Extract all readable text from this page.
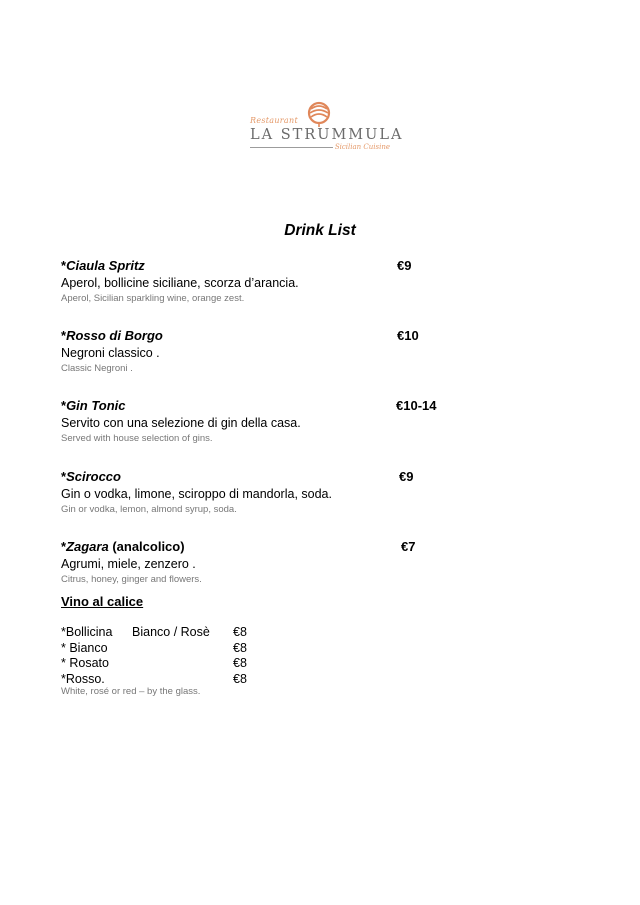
Restaurant
LA STRUMMULA
Sicilian Cuisine
Drink List
*Ciaula Spritz
Aperol, bollicine siciliane, scorza d’arancia.
Aperol, Sicilian sparkling wine, orange zest.
€9
*Rosso di Borgo
Negroni classico .
Classic Negroni .
€10
*Gin Tonic
Servito con una selezione di gin della casa.
Served with house selection of gins.
€10-14
*Scirocco
Gin o vodka, limone, sciroppo di mandorla, soda.
Gin or vodka, lemon, almond syrup, soda.
€9
*Zagara (analcolico)
Agrumi, miele, zenzero .
Citrus, honey, ginger and flowers.
€7
Vino al calice
*Bollicina Bianco / Rosè €8
* Bianco	€8
* Rosato	€8
*Rosso.	€8
White, rosé or red – by the glass.
